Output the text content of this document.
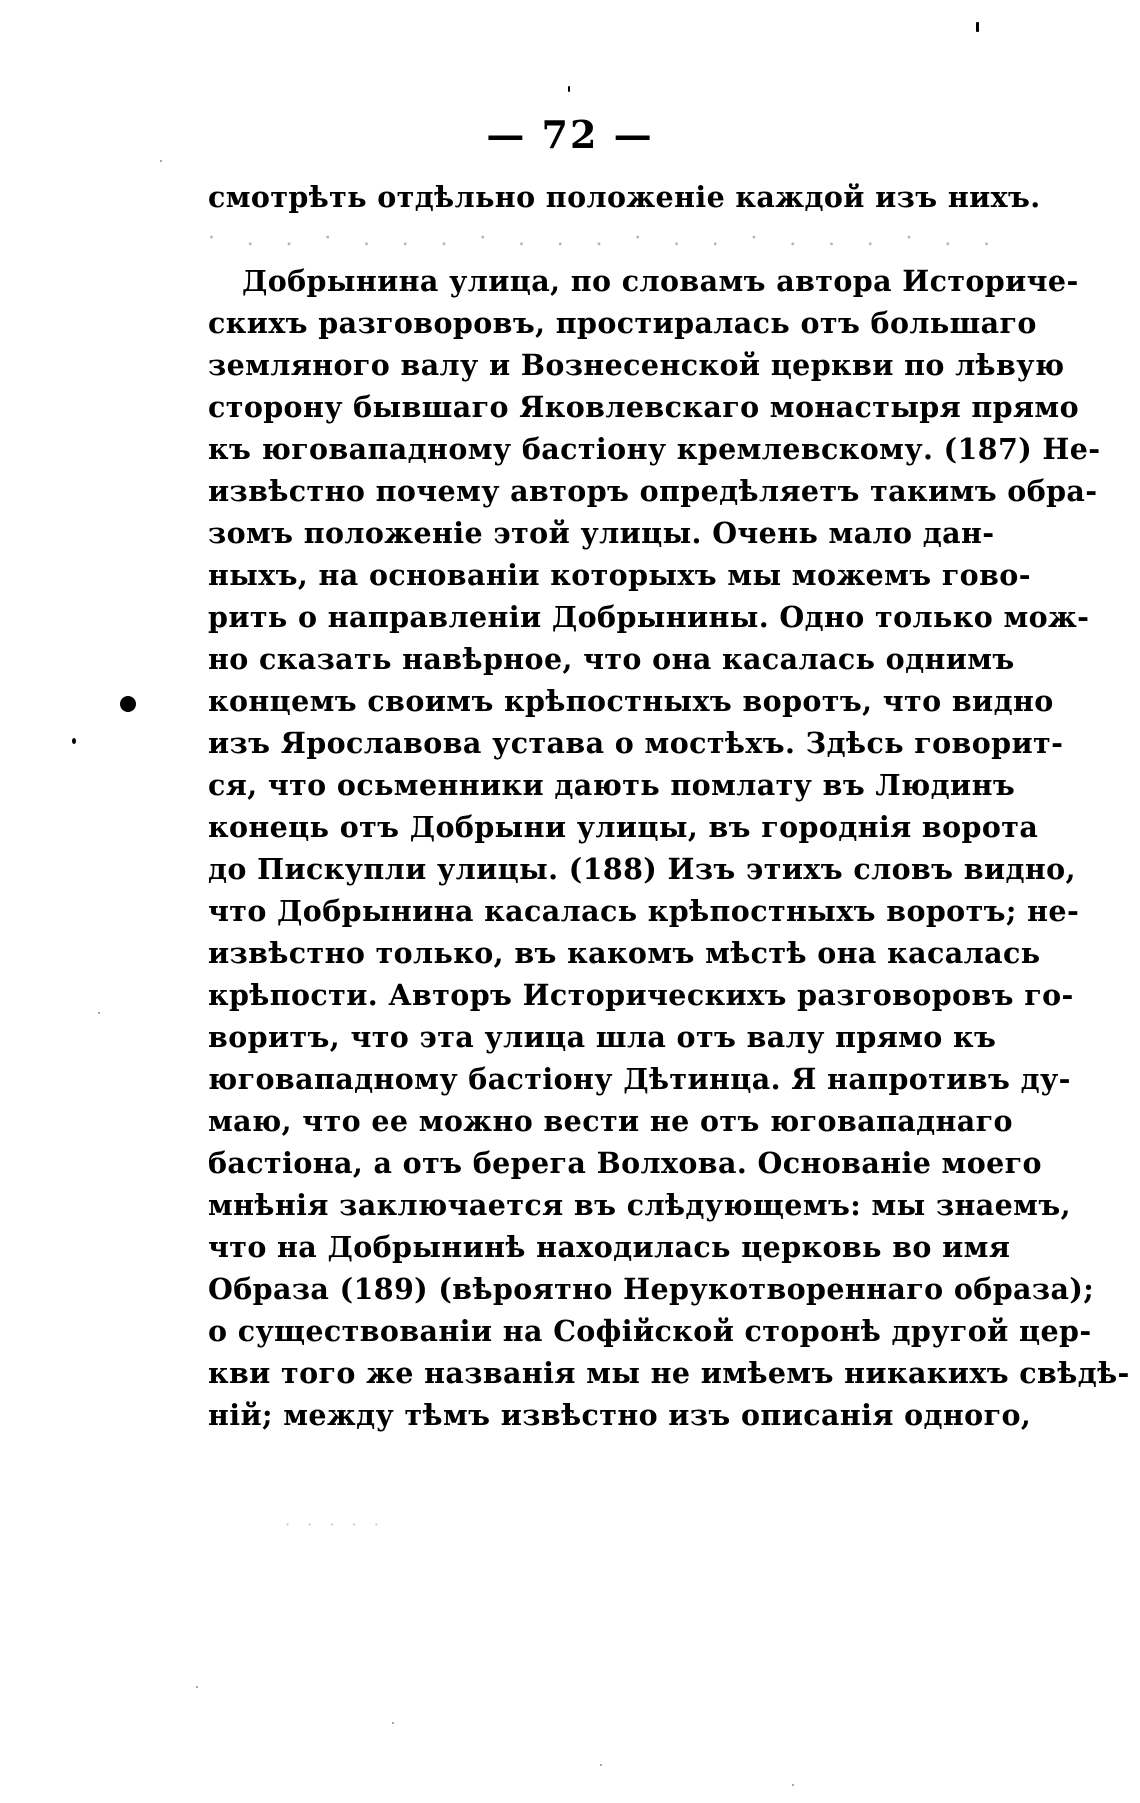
— 72 —
смотрѣть отдѣльно положеніе каждой изъ нихъ.
· . . · . . . · . . . · . . · . . . · . .
Добрынина улица, по словамъ автора Историче-
скихъ разговоровъ, простиралась отъ большаго
земляного валу и Вознесенской церкви по лѣвую
сторону бывшаго Яковлевскаго монастыря прямо
къ юговападному бастіону кремлевскому. (187) Не-
извѣстно почему авторъ опредѣляетъ такимъ обра-
зомъ положеніе этой улицы. Очень мало дан-
ныхъ, на основаніи которыхъ мы можемъ гово-
рить о направленіи Добрынины. Одно только мож-
но сказать навѣрное, что она касалась однимъ
концемъ своимъ крѣпостныхъ воротъ, что видно
изъ Ярославова устава о мостѣхъ. Здѣсь говорит-
ся, что осьменники дають помлату въ Людинъ
конець отъ Добрыни улицы, въ городнія ворота
до Пискупли улицы. (188) Изъ этихъ словъ видно,
что Добрынина касалась крѣпостныхъ воротъ; не-
извѣстно только, въ какомъ мѣстѣ она касалась
крѣпости. Авторъ Историческихъ разговоровъ го-
воритъ, что эта улица шла отъ валу прямо къ
юговападному бастіону Дѣтинца. Я напротивъ ду-
маю, что ее можно вести не отъ юговападнаго
бастіона, а отъ берега Волхова. Основаніе моего
мнѣнія заключается въ слѣдующемъ: мы знаемъ,
что на Добрынинѣ находилась церковь во имя
Образа (189) (вѣроятно Нерукотвореннаго образа);
о существованіи на Софійской сторонѣ другой цер-
кви того же названія мы не имѣемъ никакихъ свѣдѣ-
ній; между тѣмъ извѣстно изъ описанія одного,
· · · · ·
